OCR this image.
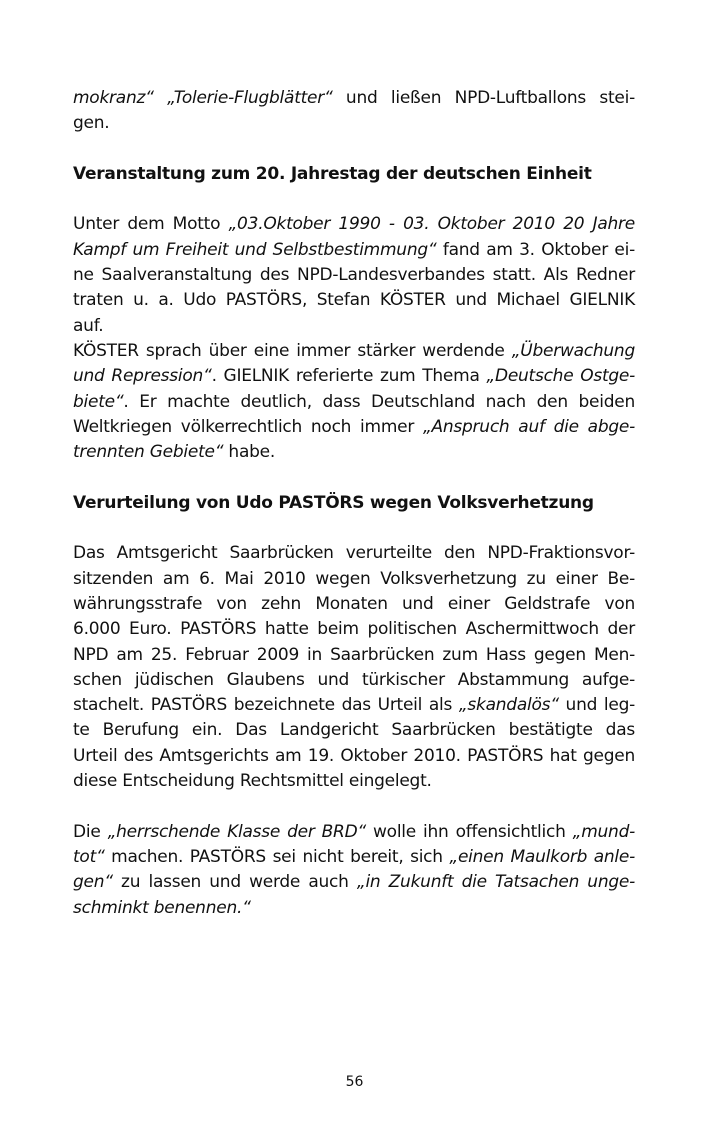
mokranz“ „Tolerie-Flugblätter“ und ließen NPD-Luftballons stei-
gen.
Veranstaltung zum 20. Jahrestag der deutschen Einheit
Unter dem Motto „03.Oktober 1990 - 03. Oktober 2010 20 Jahre
Kampf um Freiheit und Selbstbestimmung“ fand am 3. Oktober ei-
ne Saalveranstaltung des NPD-Landesverbandes statt. Als Redner
traten u. a. Udo PASTÖRS, Stefan KÖSTER und Michael GIELNIK
auf.
KÖSTER sprach über eine immer stärker werdende „Überwachung
und Repression“. GIELNIK referierte zum Thema „Deutsche Ostge-
biete“. Er machte deutlich, dass Deutschland nach den beiden
Weltkriegen völkerrechtlich noch immer „Anspruch auf die abge-
trennten Gebiete“ habe.
Verurteilung von Udo PASTÖRS wegen Volksverhetzung
Das Amtsgericht Saarbrücken verurteilte den NPD-Fraktionsvor-
sitzenden am 6. Mai 2010 wegen Volksverhetzung zu einer Be-
währungsstrafe von zehn Monaten und einer Geldstrafe von
6.000 Euro. PASTÖRS hatte beim politischen Aschermittwoch der
NPD am 25. Februar 2009 in Saarbrücken zum Hass gegen Men-
schen jüdischen Glaubens und türkischer Abstammung aufge-
stachelt. PASTÖRS bezeichnete das Urteil als „skandalös“ und leg-
te Berufung ein. Das Landgericht Saarbrücken bestätigte das
Urteil des Amtsgerichts am 19. Oktober 2010. PASTÖRS hat gegen
diese Entscheidung Rechtsmittel eingelegt.
Die „herrschende Klasse der BRD“ wolle ihn offensichtlich „mund-
tot“ machen. PASTÖRS sei nicht bereit, sich „einen Maulkorb anle-
gen“ zu lassen und werde auch „in Zukunft die Tatsachen unge-
schminkt benennen.“
56
